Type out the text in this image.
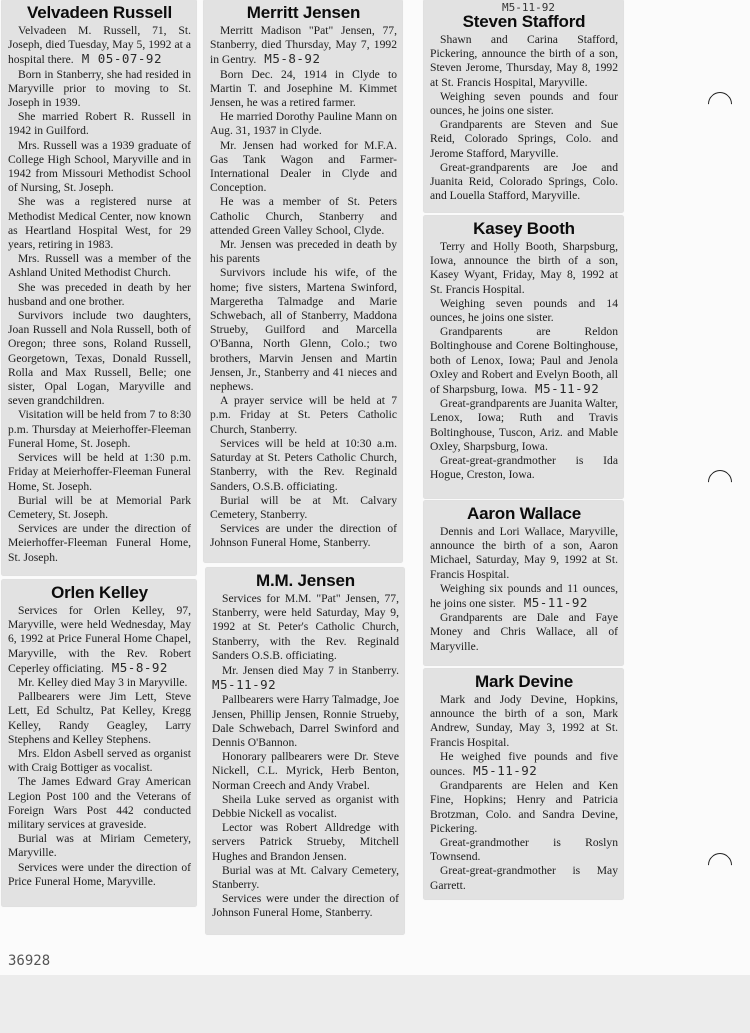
Velvadeen Russell

Velvadeen M. Russell, 71, St. Joseph, died Tuesday, May 5, 1992 at a hospital there. M 05-07-92

Born in Stanberry, she had resided in Maryville prior to moving to St. Joseph in 1939.

She married Robert R. Russell in 1942 in Guilford.

Mrs. Russell was a 1939 graduate of College High School, Maryville and in 1942 from Missouri Methodist School of Nursing, St. Joseph.

She was a registered nurse at Methodist Medical Center, now known as Heartland Hospital West, for 29 years, retiring in 1983.

Mrs. Russell was a member of the Ashland United Methodist Church.

She was preceded in death by her husband and one brother.

Survivors include two daughters, Joan Russell and Nola Russell, both of Oregon; three sons, Roland Russell, Georgetown, Texas, Donald Russell, Rolla and Max Russell, Belle; one sister, Opal Logan, Maryville and seven grandchildren.

Visitation will be held from 7 to 8:30 p.m. Thursday at Meierhoffer-Fleeman Funeral Home, St. Joseph.

Services will be held at 1:30 p.m. Friday at Meierhoffer-Fleeman Funeral Home, St. Joseph.

Burial will be at Memorial Park Cemetery, St. Joseph.

Services are under the direction of Meierhoffer-Fleeman Funeral Home, St. Joseph.

Orlen Kelley

Services for Orlen Kelley, 97, Maryville, were held Wednesday, May 6, 1992 at Price Funeral Home Chapel, Maryville, with the Rev. Robert Ceperley officiating. M5-8-92

Mr. Kelley died May 3 in Maryville.

Pallbearers were Jim Lett, Steve Lett, Ed Schultz, Pat Kelley, Kregg Kelley, Randy Geagley, Larry Stephens and Kelley Stephens.

Mrs. Eldon Asbell served as organist with Craig Bottiger as vocalist.

The James Edward Gray American Legion Post 100 and the Veterans of Foreign Wars Post 442 conducted military services at graveside.

Burial was at Miriam Cemetery, Maryville.

Services were under the direction of Price Funeral Home, Maryville.

Merritt Jensen

Merritt Madison "Pat" Jensen, 77, Stanberry, died Thursday, May 7, 1992 in Gentry. M5-8-92

Born Dec. 24, 1914 in Clyde to Martin T. and Josephine M. Kimmet Jensen, he was a retired farmer.

He married Dorothy Pauline Mann on Aug. 31, 1937 in Clyde.

Mr. Jensen had worked for M.F.A. Gas Tank Wagon and Farmer-International Dealer in Clyde and Conception.

He was a member of St. Peters Catholic Church, Stanberry and attended Green Valley School, Clyde.

Mr. Jensen was preceded in death by his parents

Survivors include his wife, of the home; five sisters, Martena Swinford, Margeretha Talmadge and Marie Schwebach, all of Stanberry, Maddona Strueby, Guilford and Marcella O'Banna, North Glenn, Colo.; two brothers, Marvin Jensen and Martin Jensen, Jr., Stanberry and 41 nieces and nephews.

A prayer service will be held at 7 p.m. Friday at St. Peters Catholic Church, Stanberry.

Services will be held at 10:30 a.m. Saturday at St. Peters Catholic Church, Stanberry, with the Rev. Reginald Sanders, O.S.B. officiating.

Burial will be at Mt. Calvary Cemetery, Stanberry.

Services are under the direction of Johnson Funeral Home, Stanberry.

M.M. Jensen

Services for M.M. "Pat" Jensen, 77, Stanberry, were held Saturday, May 9, 1992 at St. Peter's Catholic Church, Stanberry, with the Rev. Reginald Sanders O.S.B. officiating.

Mr. Jensen died May 7 in Stanberry. M5-11-92

Pallbearers were Harry Talmadge, Joe Jensen, Phillip Jensen, Ronnie Strueby, Dale Schwebach, Darrel Swinford and Dennis O'Bannon.

Honorary pallbearers were Dr. Steve Nickell, C.L. Myrick, Herb Benton, Norman Creech and Andy Vrabel.

Sheila Luke served as organist with Debbie Nickell as vocalist.

Lector was Robert Alldredge with servers Patrick Strueby, Mitchell Hughes and Brandon Jensen.

Burial was at Mt. Calvary Cemetery, Stanberry.

Services were under the direction of Johnson Funeral Home, Stanberry.

M5-11-92
Steven Stafford

Shawn and Carina Stafford, Pickering, announce the birth of a son, Steven Jerome, Thursday, May 8, 1992 at St. Francis Hospital, Maryville.

Weighing seven pounds and four ounces, he joins one sister.

Grandparents are Steven and Sue Reid, Colorado Springs, Colo. and Jerome Stafford, Maryville.

Great-grandparents are Joe and Juanita Reid, Colorado Springs, Colo. and Louella Stafford, Maryville.

Kasey Booth

Terry and Holly Booth, Sharpsburg, Iowa, announce the birth of a son, Kasey Wyant, Friday, May 8, 1992 at St. Francis Hospital.

Weighing seven pounds and 14 ounces, he joins one sister.

Grandparents are Reldon Boltinghouse and Corene Boltinghouse, both of Lenox, Iowa; Paul and Jenola Oxley and Robert and Evelyn Booth, all of Sharpsburg, Iowa. M5-11-92

Great-grandparents are Juanita Walter, Lenox, Iowa; Ruth and Travis Boltinghouse, Tuscon, Ariz. and Mable Oxley, Sharpsburg, Iowa.

Great-great-grandmother is Ida Hogue, Creston, Iowa.

Aaron Wallace

Dennis and Lori Wallace, Maryville, announce the birth of a son, Aaron Michael, Saturday, May 9, 1992 at St. Francis Hospital.

Weighing six pounds and 11 ounces, he joins one sister. M5-11-92

Grandparents are Dale and Faye Money and Chris Wallace, all of Maryville.

Mark Devine

Mark and Jody Devine, Hopkins, announce the birth of a son, Mark Andrew, Sunday, May 3, 1992 at St. Francis Hospital.

He weighed five pounds and five ounces. M5-11-92

Grandparents are Helen and Ken Fine, Hopkins; Henry and Patricia Brotzman, Colo. and Sandra Devine, Pickering.

Great-grandmother is Roslyn Townsend.

Great-great-grandmother is May Garrett.

36928
